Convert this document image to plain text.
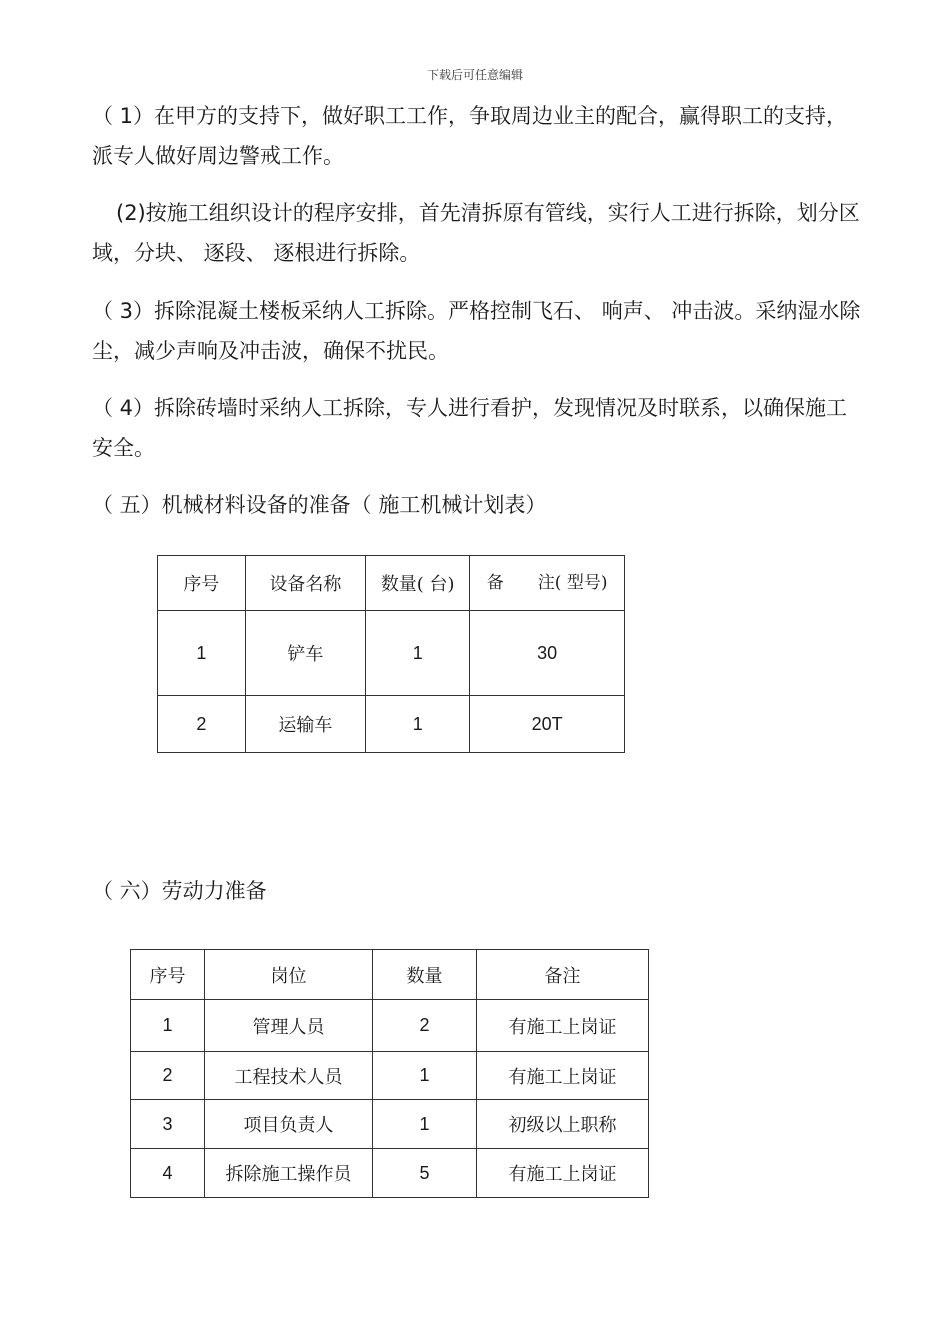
下载后可任意编辑

（ 1）在甲方的支持下，做好职工工作，争取周边业主的配合，赢得职工的支持，派专人做好周边警戒工作。

(2)按施工组织设计的程序安排，首先清拆原有管线，实行人工进行拆除，划分区域，分块、 逐段、 逐根进行拆除。

（ 3）拆除混凝土楼板采纳人工拆除。严格控制飞石、 响声、 冲击波。采纳湿水除尘，减少声响及冲击波，确保不扰民。

（ 4）拆除砖墙时采纳人工拆除，专人进行看护，发现情况及时联系，以确保施工安全。

（ 五）机械材料设备的准备（ 施工机械计划表）

序号	设备名称	数量( 台)	备　　注( 型号)
1	铲车	1	30
2	运输车	1	20T

（ 六）劳动力准备

序号	岗位	数量	备注
1	管理人员	2	有施工上岗证
2	工程技术人员	1	有施工上岗证
3	项目负责人	1	初级以上职称
4	拆除施工操作员	5	有施工上岗证
